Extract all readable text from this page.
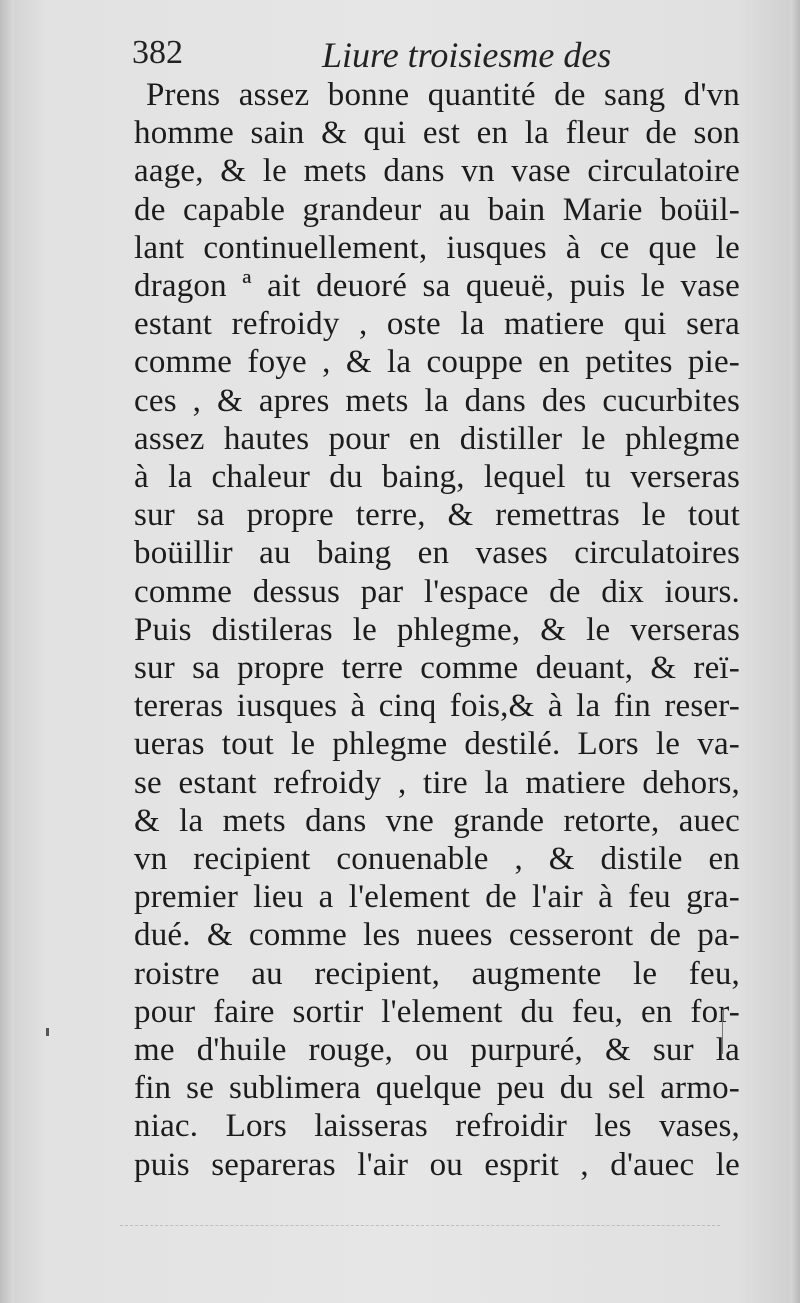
382	Liure troisiesme des
Prens assez bonne quantité de sang d'vn
homme sain & qui est en la fleur de son
aage, & le mets dans vn vase circulatoire
de capable grandeur au bain Marie boüil-
lant continuellement, iusques à ce que le
dragon ª ait deuoré sa queuë, puis le vase
estant refroidy , oste la matiere qui sera
comme foye , & la couppe en petites pie-
ces , & apres mets la dans des cucurbites
assez hautes pour en distiller le phlegme
à la chaleur du baing, lequel tu verseras
sur sa propre terre, & remettras le tout
boüillir au baing en vases circulatoires
comme dessus par l'espace de dix iours.
Puis distileras le phlegme, & le verseras
sur sa propre terre comme deuant, & reï-
tereras iusques à cinq fois,& à la fin reser-
ueras tout le phlegme destilé. Lors le va-
se estant refroidy , tire la matiere dehors,
& la mets dans vne grande retorte, auec
vn recipient conuenable , & distile en
premier lieu a l'element de l'air à feu gra-
dué. & comme les nuees cesseront de pa-
roistre au recipient, augmente le feu,
pour faire sortir l'element du feu, en for-
me d'huile rouge, ou purpuré, & sur la
fin se sublimera quelque peu du sel armo-
niac. Lors laisseras refroidir les vases,
puis separeras l'air ou esprit , d'auec le
